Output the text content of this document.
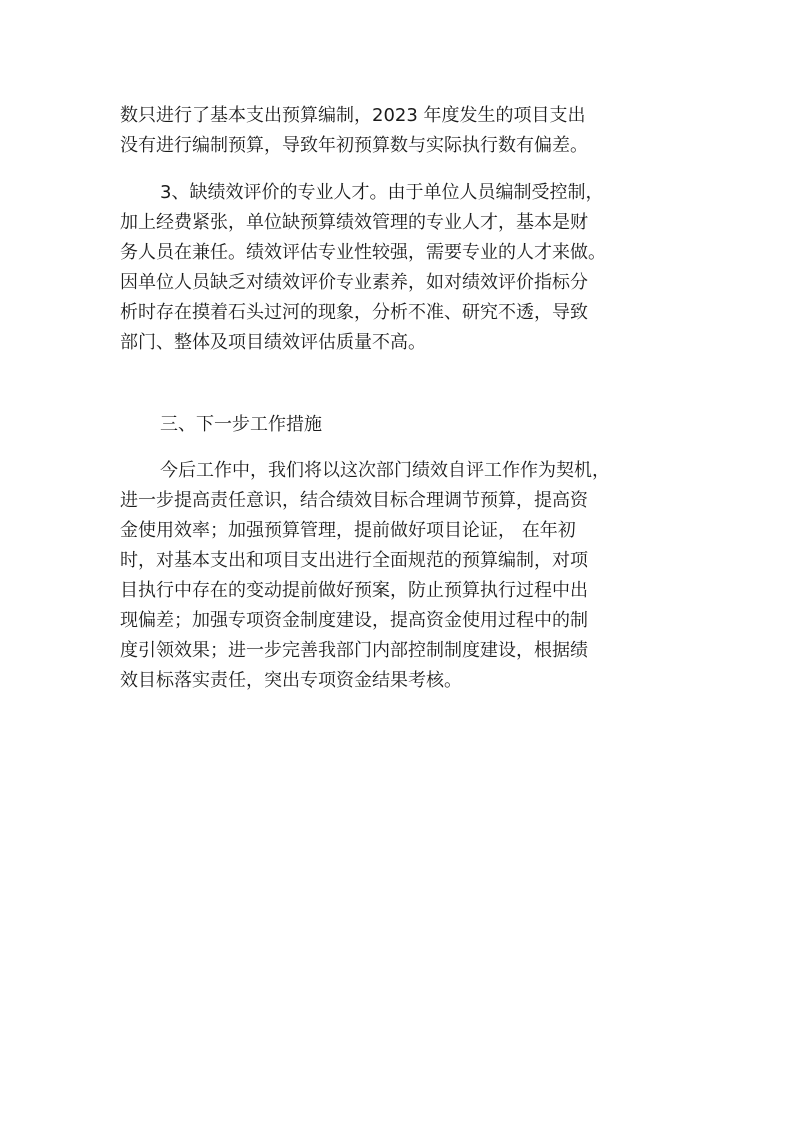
数只进行了基本支出预算编制，2023 年度发生的项目支出
没有进行编制预算，导致年初预算数与实际执行数有偏差。
3、缺绩效评价的专业人才。由于单位人员编制受控制，
加上经费紧张，单位缺预算绩效管理的专业人才，基本是财
务人员在兼任。绩效评估专业性较强，需要专业的人才来做。
因单位人员缺乏对绩效评价专业素养，如对绩效评价指标分
析时存在摸着石头过河的现象，分析不准、研究不透，导致
部门、整体及项目绩效评估质量不高。
三、下一步工作措施
今后工作中，我们将以这次部门绩效自评工作作为契机，
进一步提高责任意识，结合绩效目标合理调节预算，提高资
金使用效率；加强预算管理，提前做好项目论证， 在年初
时，对基本支出和项目支出进行全面规范的预算编制，对项
目执行中存在的变动提前做好预案，防止预算执行过程中出
现偏差；加强专项资金制度建设，提高资金使用过程中的制
度引领效果；进一步完善我部门内部控制制度建设，根据绩
效目标落实责任，突出专项资金结果考核。
